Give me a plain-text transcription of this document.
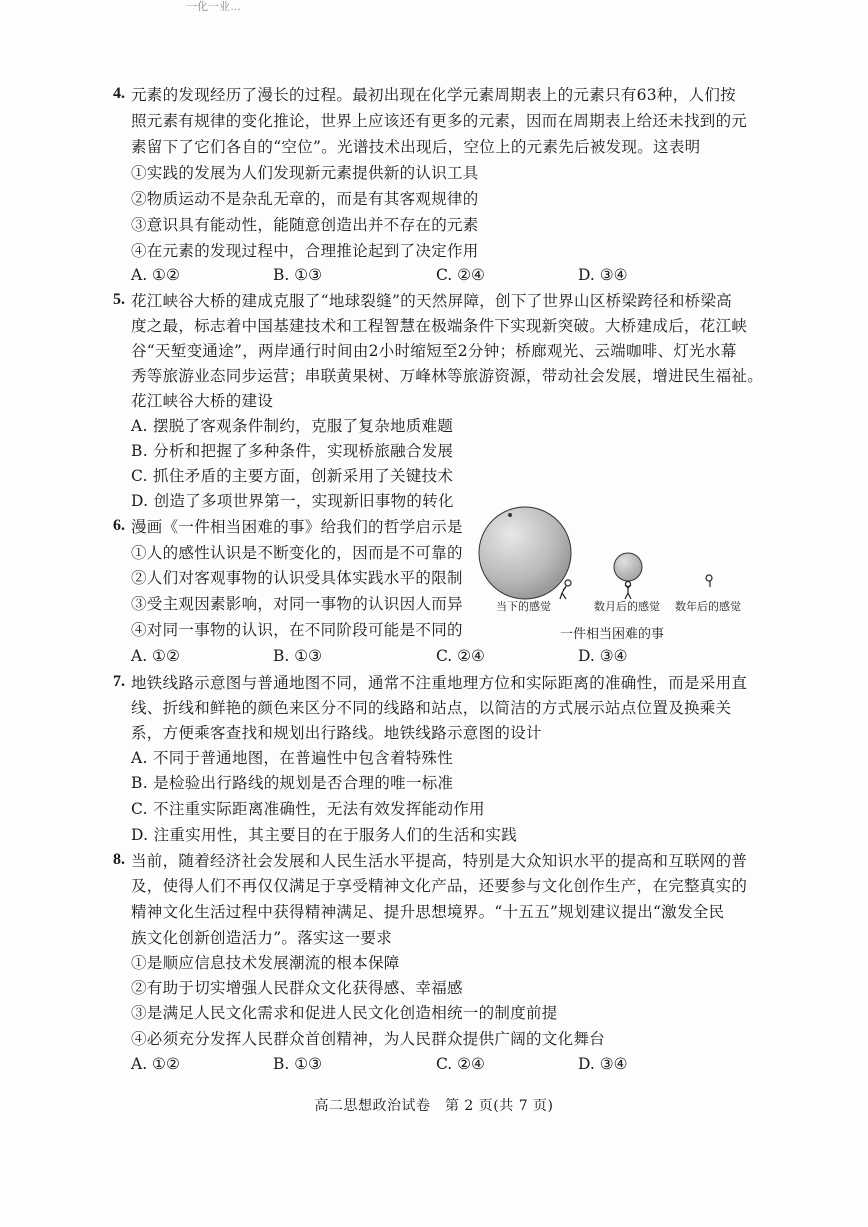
一化一业…
4. 元素的发现经历了漫长的过程。最初出现在化学元素周期表上的元素只有63种，人们按
照元素有规律的变化推论，世界上应该还有更多的元素，因而在周期表上给还未找到的元
素留下了它们各自的“空位”。光谱技术出现后，空位上的元素先后被发现。这表明
①实践的发展为人们发现新元素提供新的认识工具
②物质运动不是杂乱无章的，而是有其客观规律的
③意识具有能动性，能随意创造出并不存在的元素
④在元素的发现过程中，合理推论起到了决定作用
A. ①②	B. ①③	C. ②④	D. ③④
5. 花江峡谷大桥的建成克服了“地球裂缝”的天然屏障，创下了世界山区桥梁跨径和桥梁高
度之最，标志着中国基建技术和工程智慧在极端条件下实现新突破。大桥建成后，花江峡
谷“天堑变通途”，两岸通行时间由2小时缩短至2分钟；桥廊观光、云端咖啡、灯光水幕
秀等旅游业态同步运营；串联黄果树、万峰林等旅游资源，带动社会发展，增进民生福祉。
花江峡谷大桥的建设
A. 摆脱了客观条件制约，克服了复杂地质难题
B. 分析和把握了多种条件，实现桥旅融合发展
C. 抓住矛盾的主要方面，创新采用了关键技术
D. 创造了多项世界第一，实现新旧事物的转化
6. 漫画《一件相当困难的事》给我们的哲学启示是
①人的感性认识是不断变化的，因而是不可靠的
②人们对客观事物的认识受具体实践水平的限制
③受主观因素影响，对同一事物的认识因人而异
④对同一事物的认识，在不同阶段可能是不同的
A. ①②	B. ①③	C. ②④	D. ③④
当下的感觉	数月后的感觉 数年后的感觉
一件相当困难的事
7. 地铁线路示意图与普通地图不同，通常不注重地理方位和实际距离的准确性，而是采用直
线、折线和鲜艳的颜色来区分不同的线路和站点，以简洁的方式展示站点位置及换乘关
系，方便乘客查找和规划出行路线。地铁线路示意图的设计
A. 不同于普通地图，在普遍性中包含着特殊性
B. 是检验出行路线的规划是否合理的唯一标准
C. 不注重实际距离准确性，无法有效发挥能动作用
D. 注重实用性，其主要目的在于服务人们的生活和实践
8. 当前，随着经济社会发展和人民生活水平提高，特别是大众知识水平的提高和互联网的普
及，使得人们不再仅仅满足于享受精神文化产品，还要参与文化创作生产，在完整真实的
精神文化生活过程中获得精神满足、提升思想境界。“十五五”规划建议提出“激发全民
族文化创新创造活力”。落实这一要求
①是顺应信息技术发展潮流的根本保障
②有助于切实增强人民群众文化获得感、幸福感
③是满足人民文化需求和促进人民文化创造相统一的制度前提
④必须充分发挥人民群众首创精神，为人民群众提供广阔的文化舞台
A. ①②	B. ①③	C. ②④	D. ③④
高二思想政治试卷　第 2 页(共 7 页)
